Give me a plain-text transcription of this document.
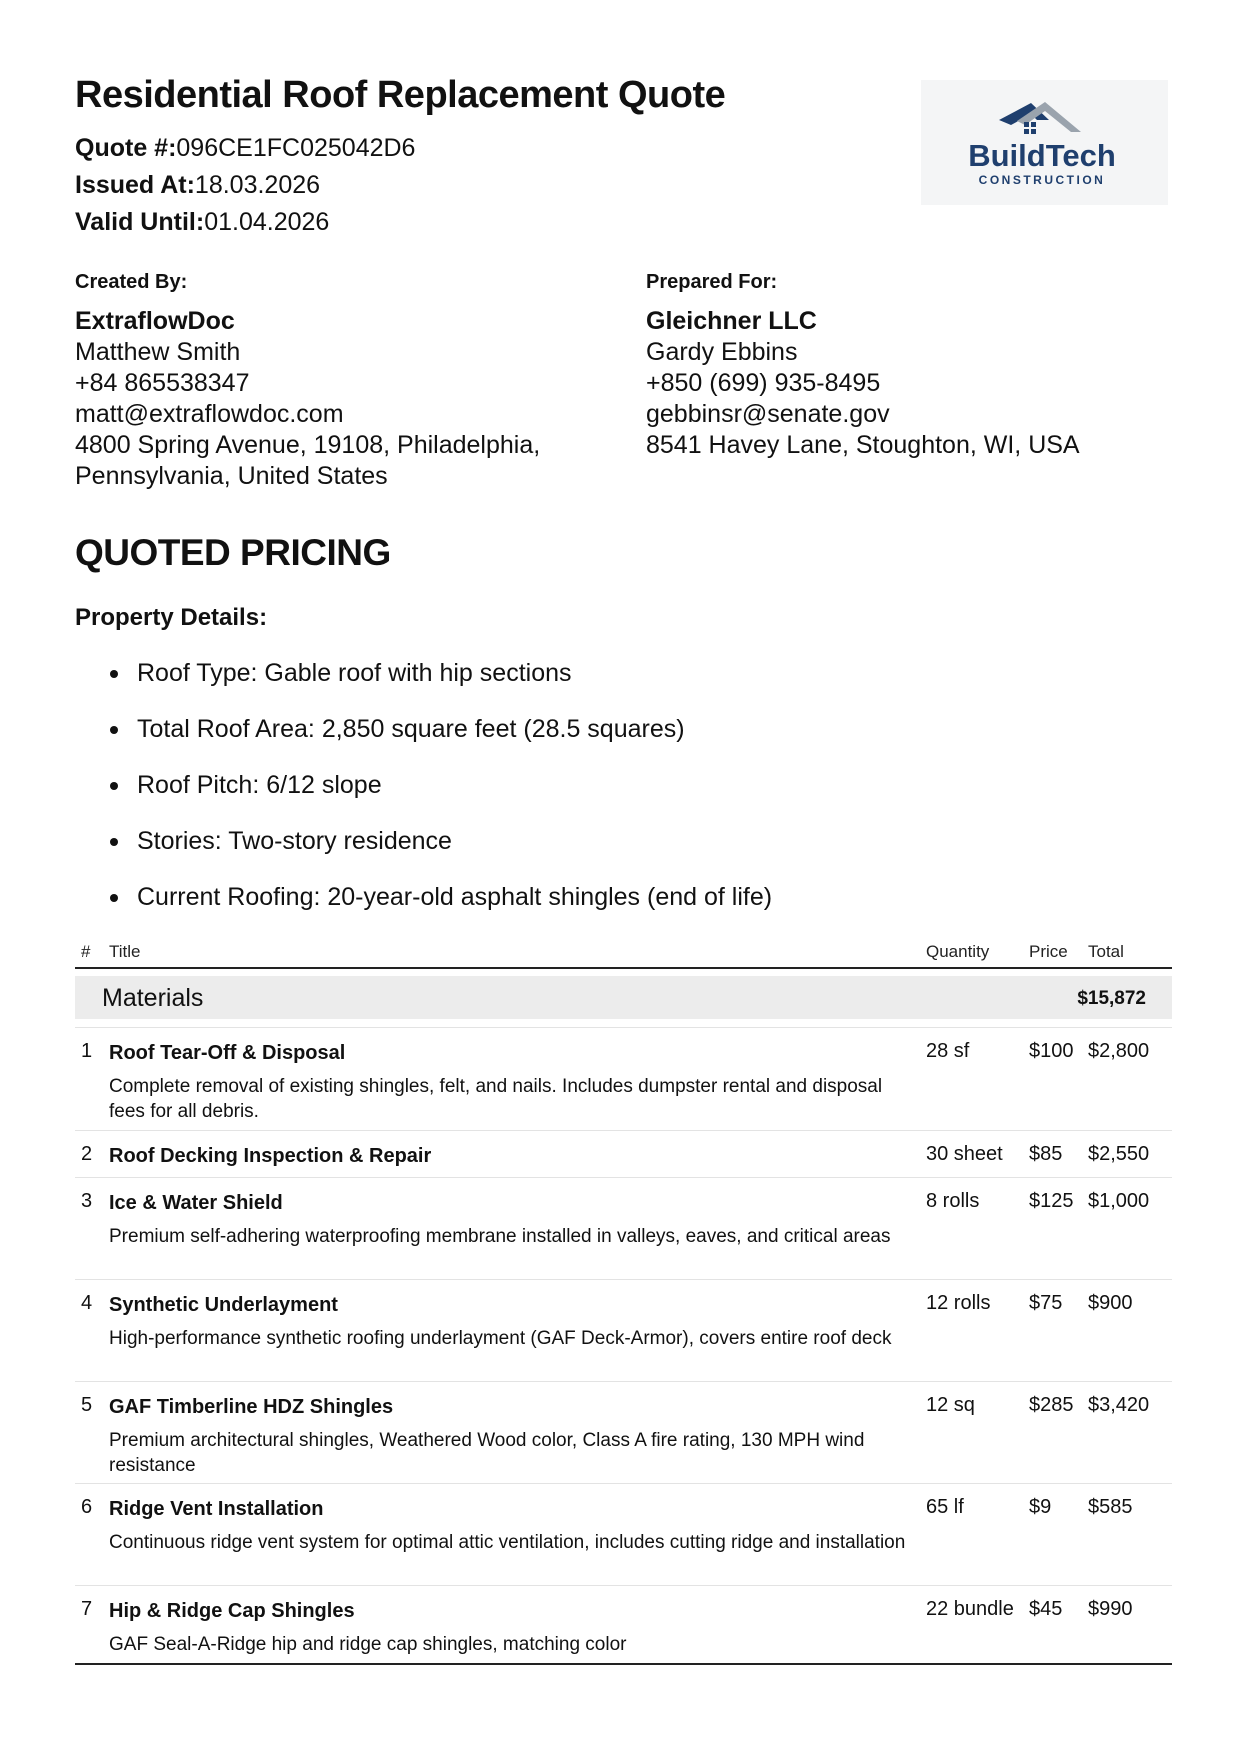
Residential Roof Replacement Quote
Quote #:096CE1FC025042D6
Issued At:18.03.2026
Valid Until:01.04.2026
BuildTech
CONSTRUCTION
Created By:
ExtraflowDoc
Matthew Smith
+84 865538347
matt@extraflowdoc.com
4800 Spring Avenue, 19108, Philadelphia,
Pennsylvania, United States
Prepared For:
Gleichner LLC
Gardy Ebbins
+850 (699) 935-8495
gebbinsr@senate.gov
8541 Havey Lane, Stoughton, WI, USA
QUOTED PRICING
Property Details:
Roof Type: Gable roof with hip sections
Total Roof Area: 2,850 square feet (28.5 squares)
Roof Pitch: 6/12 slope
Stories: Two-story residence
Current Roofing: 20-year-old asphalt shingles (end of life)
# Title	Quantity Price Total
Materials	$15,872
1 Roof Tear-Off & Disposal
Complete removal of existing shingles, felt, and nails. Includes dumpster rental and disposal fees for all debris.
28 sf	$100 $2,800
2 Roof Decking Inspection & Repair	30 sheet $85 $2,550
3 Ice & Water Shield
Premium self-adhering waterproofing membrane installed in valleys, eaves, and critical areas
8 rolls $125 $1,000
4 Synthetic Underlayment
High-performance synthetic roofing underlayment (GAF Deck-Armor), covers entire roof deck
12 rolls $75 $900
5 GAF Timberline HDZ Shingles
Premium architectural shingles, Weathered Wood color, Class A fire rating, 130 MPH wind resistance
12 sq	$285 $3,420
6 Ridge Vent Installation
Continuous ridge vent system for optimal attic ventilation, includes cutting ridge and installation
65 lf	$9 $585
7 Hip & Ridge Cap Shingles
GAF Seal-A-Ridge hip and ridge cap shingles, matching color
22 bundle $45 $990
